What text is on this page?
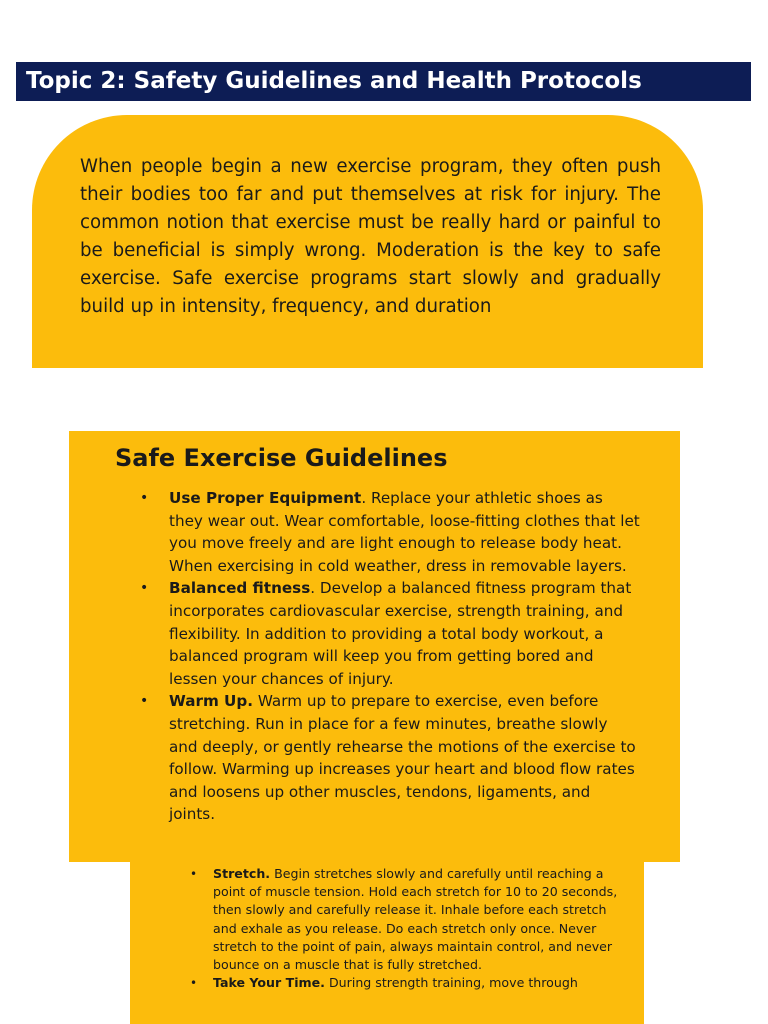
Topic 2: Safety Guidelines and Health Protocols

When people begin a new exercise program, they often push their bodies too far and put themselves at risk for injury. The common notion that exercise must be really hard or painful to be beneficial is simply wrong. Moderation is the key to safe exercise. Safe exercise programs start slowly and gradually build up in intensity, frequency, and duration

Safe Exercise Guidelines
• Use Proper Equipment. Replace your athletic shoes as they wear out. Wear comfortable, loose-fitting clothes that let you move freely and are light enough to release body heat. When exercising in cold weather, dress in removable layers.
• Balanced fitness. Develop a balanced fitness program that incorporates cardiovascular exercise, strength training, and flexibility. In addition to providing a total body workout, a balanced program will keep you from getting bored and lessen your chances of injury.
• Warm Up. Warm up to prepare to exercise, even before stretching. Run in place for a few minutes, breathe slowly and deeply, or gently rehearse the motions of the exercise to follow. Warming up increases your heart and blood flow rates and loosens up other muscles, tendons, ligaments, and joints.
• Stretch. Begin stretches slowly and carefully until reaching a point of muscle tension. Hold each stretch for 10 to 20 seconds, then slowly and carefully release it. Inhale before each stretch and exhale as you release. Do each stretch only once. Never stretch to the point of pain, always maintain control, and never bounce on a muscle that is fully stretched.
• Take Your Time. During strength training, move through
